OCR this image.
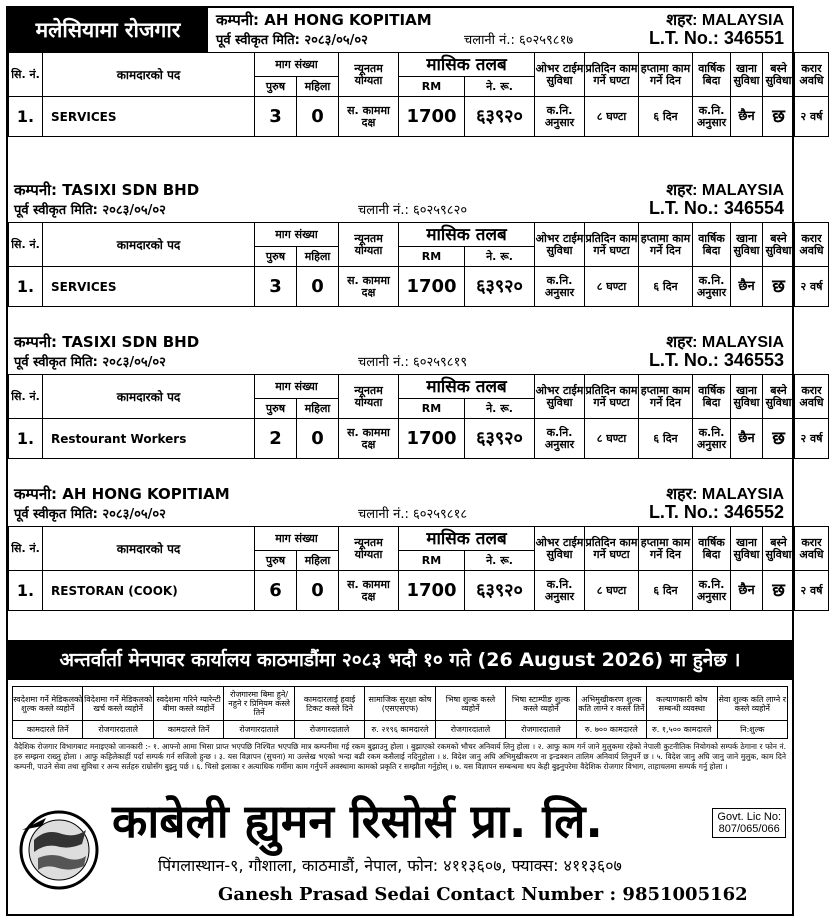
मलेसियामा रोजगार	कम्पनी: AH HONG KOPITIAM
पूर्व स्वीकृत मिति: २०८३/०५/०२	चलानी नं.: ६०२५९८१७
शहर: MALAYSIA
L.T. No.: 346551
सि. नं.	कामदारको पद	माग संख्या		न्यूनतम योग्यता	मासिक तलब		ओभर टाईम सुविधा	प्रतिदिन काम गर्ने घण्टा	हप्तामा काम गर्ने दिन	वार्षिक बिदा	खाना सुविधा	बस्ने सुविधा	करार अवधि
		पुरुष	महिला		RM	ने. रू.							
1.	SERVICES	3	0	स. काममा दक्ष	1700	६३९२०	क.नि. अनुसार	८ घण्टा	६ दिन	क.नि. अनुसार	छैन	छ	२ वर्ष
कम्पनी: TASIXI SDN BHD
पूर्व स्वीकृत मिति: २०८३/०५/०२	चलानी नं.: ६०२५९८२०
शहर: MALAYSIA
L.T. No.: 346554
सि. नं.	कामदारको पद	माग संख्या		न्यूनतम योग्यता	मासिक तलब		ओभर टाईम सुविधा	प्रतिदिन काम गर्ने घण्टा	हप्तामा काम गर्ने दिन	वार्षिक बिदा	खाना सुविधा	बस्ने सुविधा	करार अवधि
		पुरुष	महिला		RM	ने. रू.							
1.	SERVICES	3	0	स. काममा दक्ष	1700	६३९२०	क.नि. अनुसार	८ घण्टा	६ दिन	क.नि. अनुसार	छैन	छ	२ वर्ष
कम्पनी: TASIXI SDN BHD
पूर्व स्वीकृत मिति: २०८३/०५/०२	चलानी नं.: ६०२५९८१९
शहर: MALAYSIA
L.T. No.: 346553
सि. नं.	कामदारको पद	माग संख्या		न्यूनतम योग्यता	मासिक तलब		ओभर टाईम सुविधा	प्रतिदिन काम गर्ने घण्टा	हप्तामा काम गर्ने दिन	वार्षिक बिदा	खाना सुविधा	बस्ने सुविधा	करार अवधि
		पुरुष	महिला		RM	ने. रू.							
1.	Restourant Workers	2	0	स. काममा दक्ष	1700	६३९२०	क.नि. अनुसार	८ घण्टा	६ दिन	क.नि. अनुसार	छैन	छ	२ वर्ष
कम्पनी: AH HONG KOPITIAM
पूर्व स्वीकृत मिति: २०८३/०५/०२	चलानी नं.: ६०२५९८१८
शहर: MALAYSIA
L.T. No.: 346552
सि. नं.	कामदारको पद	माग संख्या		न्यूनतम योग्यता	मासिक तलब		ओभर टाईम सुविधा	प्रतिदिन काम गर्ने घण्टा	हप्तामा काम गर्ने दिन	वार्षिक बिदा	खाना सुविधा	बस्ने सुविधा	करार अवधि
		पुरुष	महिला		RM	ने. रू.							
1.	RESTORAN (COOK)	6	0	स. काममा दक्ष	1700	६३९२०	क.नि. अनुसार	८ घण्टा	६ दिन	क.नि. अनुसार	छैन	छ	२ वर्ष
अन्तर्वार्ता मेनपावर कार्यालय काठमाडौंमा २०८३ भदौ १० गते (26 August 2026) मा हुनेछ ।
स्वदेशमा गर्ने मेडिकलको शुल्क कस्ले व्यहोर्ने	विदेशमा गर्ने मेडिकलको खर्च कस्ले व्यहोर्ने	स्वदेशमा गरिने ग्यारेन्टी बीमा कस्ले व्यहोर्ने	रोजगारमा बिमा हुने/नहुने र प्रिमियम कस्ले तिर्ने	कामदारलाई हवाई टिकट कस्ले दिने	सामाजिक सुरक्षा कोष (एसएसएफ)	भिषा शुल्क कस्ले व्यहोर्ने	भिषा स्टाम्पीङ शुल्क कस्ले व्यहोर्ने	अभिमुखीकरण शुल्क कति लाग्ने र कस्ले तिर्ने	कल्याणकारी कोष सम्बन्धी व्यवस्था	सेवा शुल्क कति लाग्ने र कस्ले व्यहोर्ने
कामदारले तिर्ने	रोजगारदाताले	कामदारले तिर्ने	रोजगारदाताले	रोजगारदाताले	रु. २१९६ कामदारले	रोजगारदाताले	रोजगारदाताले	रु. ७०० कामदारले	रु. १,५०० कामदारले	नि:शुल्क
वैदेशिक रोजगार विभागबाट मनाइएको जानकारी :- १. आफ्नो आमा भिसा प्राप्त भएपछि निश्चित भएपछि मात्र कम्पनीमा गई रकम बुझाउनु होला । बुझाएको रकमको भौचर अनिवार्य लिनु होला । २. आफु काम गर्न जाने मुलुकमा रहेको नेपाली कुटनीतिक नियोगको सम्पर्क ठेगाना र फोन नं. हरु सम्झना राख्नु होला । आफु कहिलेकाहीं पर्दा सम्पर्क गर्न सजिलो हुन्छ । ३. यस विज्ञापन (सुचना) मा उल्लेख भएको भन्दा बढी रकम कसैलाई नदिनुहोला । ४. विदेश जानु अघि अभिमुखीकरण ना इन्डक्शन तालिम अनिवार्य लिनुपर्ने छ । ५. विदेश जानु अघि जानु जाने मुलुक, काम दिने कम्पनी, पाउने सेवा तथा सुविधा र अन्य सर्तहरु राम्रोसँग बुझ्नु पर्छ । ६. चिसो इलाका र अत्याधिक गर्मीमा काम गर्नुपर्ने अवस्थामा कामको प्रकृति र सम्झौता गर्नुहोस् । ७. यस विज्ञापन सम्बन्धमा थप केही बुझ्नुपरेमा वैदेशिक रोजगार विभाग, ताहाचलमा सम्पर्क गर्नु होला ।
काबेली ह्युमन रिसोर्स प्रा. लि.	Govt. Lic No:
807/065/066
पिंगलास्थान-९, गौशाला, काठमाडौं, नेपाल, फोन: ४११३६०७, फ्याक्स: ४११३६०७
Ganesh Prasad Sedai Contact Number : 9851005162
